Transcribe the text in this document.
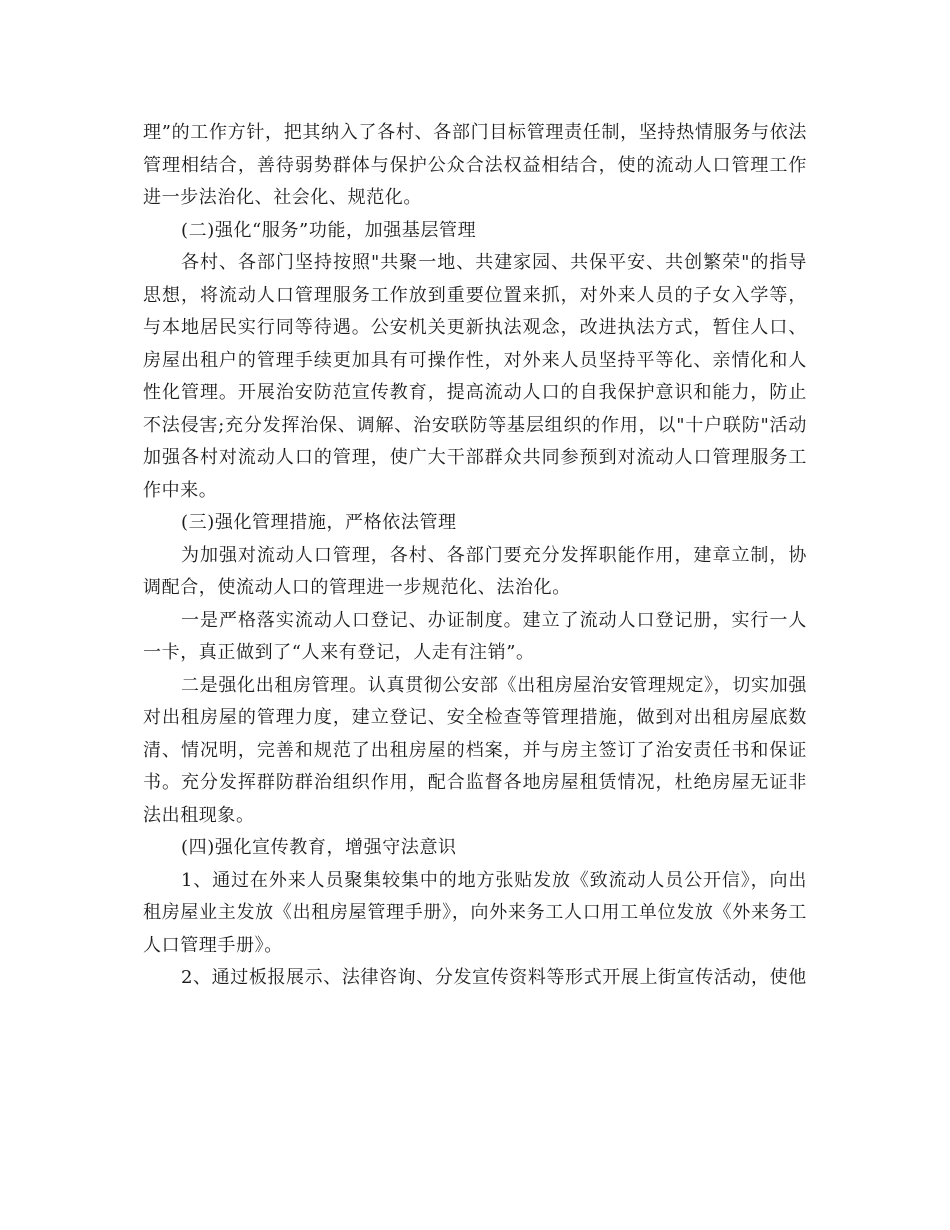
理”的工作方针，把其纳入了各村、各部门目标管理责任制，坚持热情服务与依法管理相结合，善待弱势群体与保护公众合法权益相结合，使的流动人口管理工作进一步法治化、社会化、规范化。

(二)强化“服务”功能，加强基层管理

各村、各部门坚持按照"共聚一地、共建家园、共保平安、共创繁荣"的指导思想，将流动人口管理服务工作放到重要位置来抓，对外来人员的子女入学等，与本地居民实行同等待遇。公安机关更新执法观念，改进执法方式，暂住人口、房屋出租户的管理手续更加具有可操作性，对外来人员坚持平等化、亲情化和人性化管理。开展治安防范宣传教育，提高流动人口的自我保护意识和能力，防止不法侵害;充分发挥治保、调解、治安联防等基层组织的作用，以"十户联防"活动加强各村对流动人口的管理，使广大干部群众共同参预到对流动人口管理服务工作中来。

(三)强化管理措施，严格依法管理

为加强对流动人口管理，各村、各部门要充分发挥职能作用，建章立制，协调配合，使流动人口的管理进一步规范化、法治化。

一是严格落实流动人口登记、办证制度。建立了流动人口登记册，实行一人一卡，真正做到了“人来有登记，人走有注销”。

二是强化出租房管理。认真贯彻公安部《出租房屋治安管理规定》，切实加强对出租房屋的管理力度，建立登记、安全检查等管理措施，做到对出租房屋底数清、情况明，完善和规范了出租房屋的档案，并与房主签订了治安责任书和保证书。充分发挥群防群治组织作用，配合监督各地房屋租赁情况，杜绝房屋无证非法出租现象。

(四)强化宣传教育，增强守法意识

1、通过在外来人员聚集较集中的地方张贴发放《致流动人员公开信》，向出租房屋业主发放《出租房屋管理手册》，向外来务工人口用工单位发放《外来务工人口管理手册》。

2、通过板报展示、法律咨询、分发宣传资料等形式开展上街宣传活动，使他
